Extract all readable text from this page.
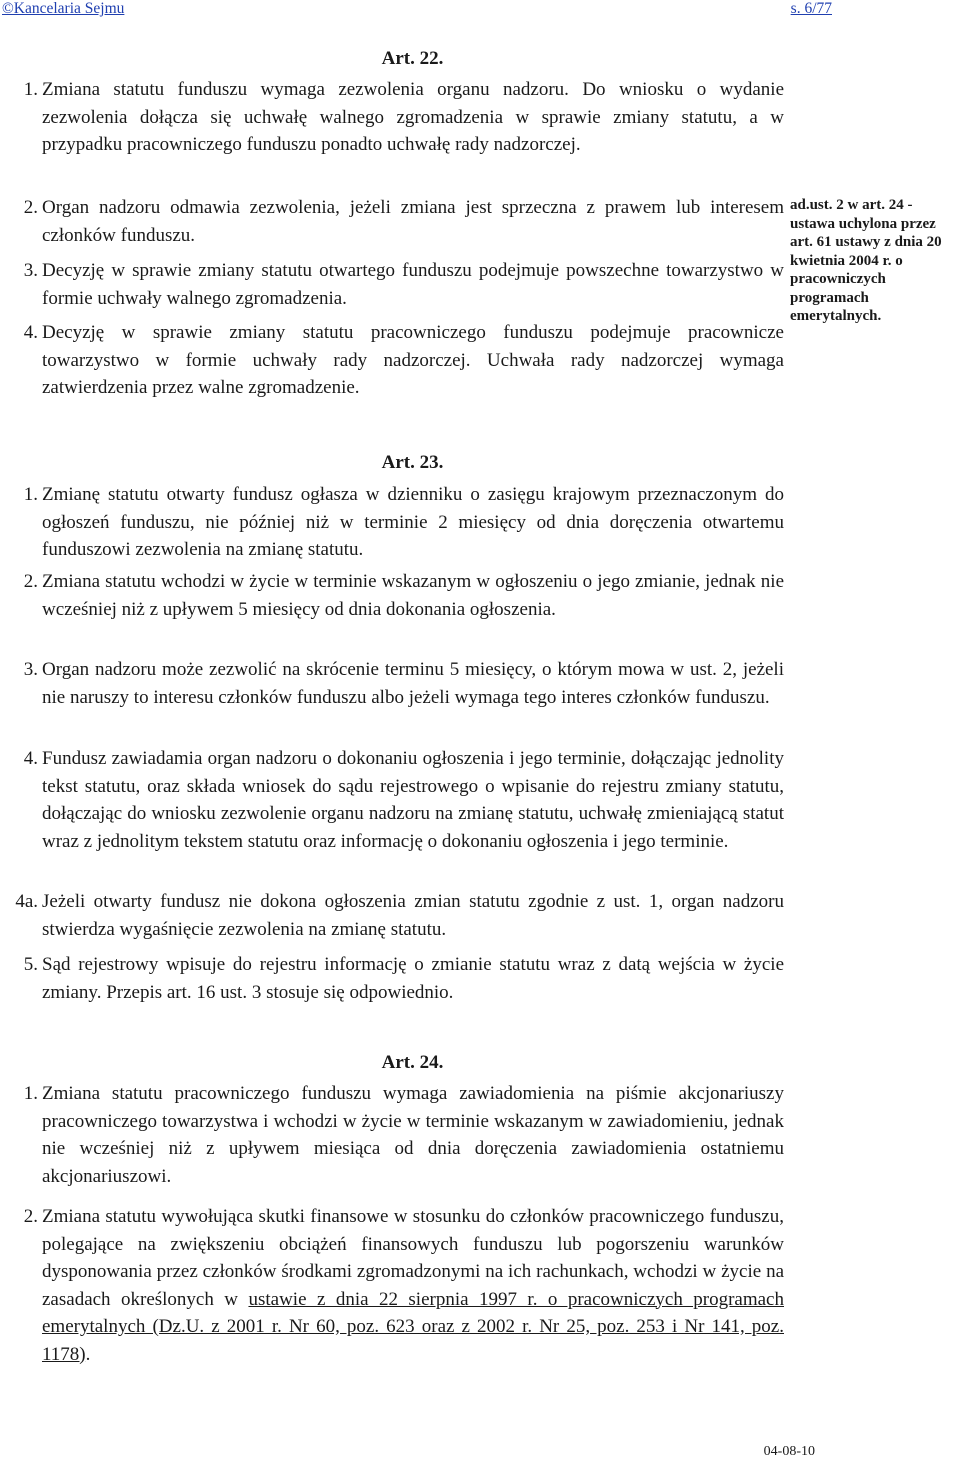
©Kancelaria Sejmu	s. 6/77
Art. 22.
1. Zmiana statutu funduszu wymaga zezwolenia organu nadzoru. Do wniosku o wydanie zezwolenia dołącza się uchwałę walnego zgromadzenia w sprawie zmiany statutu, a w przypadku pracowniczego funduszu ponadto uchwałę rady nadzorczej.
2. Organ nadzoru odmawia zezwolenia, jeżeli zmiana jest sprzeczna z prawem lub interesem członków funduszu.
3. Decyzję w sprawie zmiany statutu otwartego funduszu podejmuje powszechne towarzystwo w formie uchwały walnego zgromadzenia.
4. Decyzję w sprawie zmiany statutu pracowniczego funduszu podejmuje pracownicze towarzystwo w formie uchwały rady nadzorczej. Uchwała rady nadzorczej wymaga zatwierdzenia przez walne zgromadzenie.
ad.ust. 2 w art. 24 - ustawa uchylona przez art. 61 ustawy z dnia 20 kwietnia 2004 r. o pracowniczych programach emerytalnych.
Art. 23.
1. Zmianę statutu otwarty fundusz ogłasza w dzienniku o zasięgu krajowym przeznaczonym do ogłoszeń funduszu, nie później niż w terminie 2 miesięcy od dnia doręczenia otwartemu funduszowi zezwolenia na zmianę statutu.
2. Zmiana statutu wchodzi w życie w terminie wskazanym w ogłoszeniu o jego zmianie, jednak nie wcześniej niż z upływem 5 miesięcy od dnia dokonania ogłoszenia.
3. Organ nadzoru może zezwolić na skrócenie terminu 5 miesięcy, o którym mowa w ust. 2, jeżeli nie naruszy to interesu członków funduszu albo jeżeli wymaga tego interes członków funduszu.
4. Fundusz zawiadamia organ nadzoru o dokonaniu ogłoszenia i jego terminie, dołączając jednolity tekst statutu, oraz składa wniosek do sądu rejestrowego o wpisanie do rejestru zmiany statutu, dołączając do wniosku zezwolenie organu nadzoru na zmianę statutu, uchwałę zmieniającą statut wraz z jednolitym tekstem statutu oraz informację o dokonaniu ogłoszenia i jego terminie.
4a. Jeżeli otwarty fundusz nie dokona ogłoszenia zmian statutu zgodnie z ust. 1, organ nadzoru stwierdza wygaśnięcie zezwolenia na zmianę statutu.
5. Sąd rejestrowy wpisuje do rejestru informację o zmianie statutu wraz z datą wejścia w życie zmiany. Przepis art. 16 ust. 3 stosuje się odpowiednio.
Art. 24.
1. Zmiana statutu pracowniczego funduszu wymaga zawiadomienia na piśmie akcjonariuszy pracowniczego towarzystwa i wchodzi w życie w terminie wskazanym w zawiadomieniu, jednak nie wcześniej niż z upływem miesiąca od dnia doręczenia zawiadomienia ostatniemu akcjonariuszowi.
2. Zmiana statutu wywołująca skutki finansowe w stosunku do członków pracowniczego funduszu, polegające na zwiększeniu obciążeń finansowych funduszu lub pogorszeniu warunków dysponowania przez członków środkami zgromadzonymi na ich rachunkach, wchodzi w życie na zasadach określonych w ustawie z dnia 22 sierpnia 1997 r. o pracowniczych programach emerytalnych (Dz.U. z 2001 r. Nr 60, poz. 623 oraz z 2002 r. Nr 25, poz. 253 i Nr 141, poz. 1178).
04-08-10
